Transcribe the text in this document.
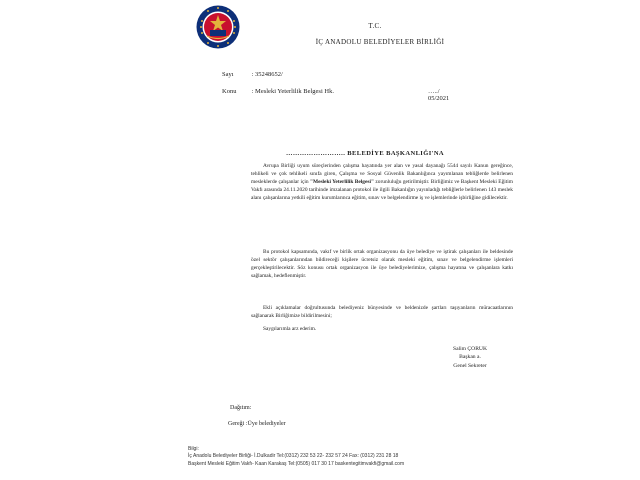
T.C.
İÇ ANADOLU BELEDİYELER BİRLİĞİ
Sayı	: 35248652/
Konu : Mesleki Yeterlilik Belgesi Hk.	…../ 05/2021
…………………….. BELEDİYE BAŞKANLIĞI'NA
Avrupa Birliği uyum süreçlerinden çalışma hayatında yer alan ve yasal dayanağı 5544 sayılı Kanun gereğince, tehlikeli ve çok tehlikeli sınıfa giren, Çalışma ve Sosyal Güvenlik Bakanlığınca yayımlanan tebliğlerde belirlenen mesleklerde çalışanlar için "Mesleki Yeterlilik Belgesi" zorunluluğu getirilmiştir. Birliğimiz ve Başkent Mesleki Eğitim Vakfı arasında 24.11.2020 tarihinde imzalanan protokol ile ilgili Bakanlığın yayınladığı tebliğlerle belirlenen 143 meslek alanı çalışanlarına yetkili eğitim kurumlarınca eğitim, sınav ve belgelendirme iş ve işlemlerinde işbirliğine gidilecektir.
Bu protokol kapsamında, vakıf ve birlik ortak organizasyonu da üye belediye ve iştirak çalışanları ile beldesinde özel sektör çalışanlarından bildireceği kişilere ücretsiz olarak mesleki eğitim, sınav ve belgelendirme işlemleri gerçekleştirilecektir. Söz konusu ortak organizasyon ile üye belediyelerimize, çalışma hayatına ve çalışanlara katkı sağlamak, hedeflenmiştir.
Ekli açıklamalar doğrultusunda belediyeniz bünyesinde ve beldenizde şartları taşıyanların müracaatlarının sağlanarak Birliğimize bildirilmesini;
Saygılarımla arz ederim.
Salim ÇORUK
Başkan a.
Genel Sekreter
Dağıtım:
Gereği :Üye belediyeler
Bilgi:
İç Anadolu Belediyeler Birliği- İ.Dulkadir Tel:(0312) 232 53 22- 232 57 24 Fax: (0312) 231 28 18
Başkent Mesleki Eğitim Vakfı- Kaan Karakaş Tel:(0505) 017 30 17 baskentegitimvakfi@gmail.com
